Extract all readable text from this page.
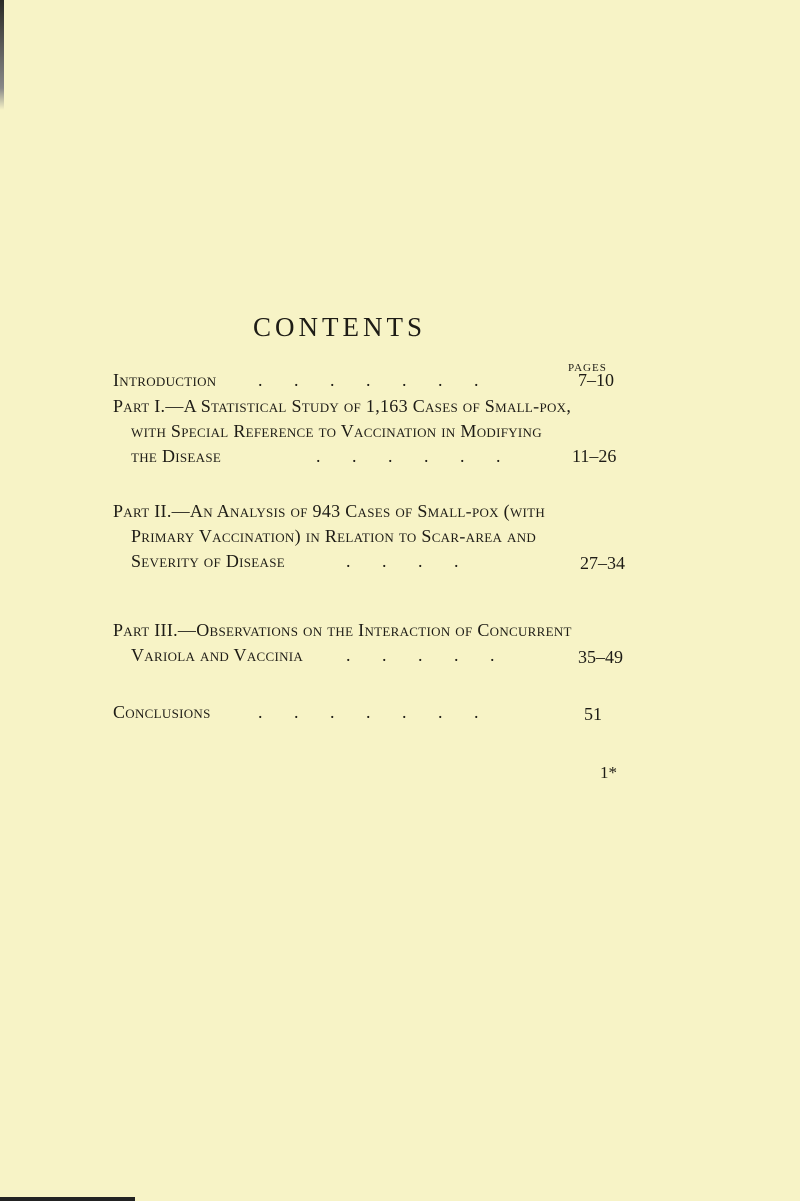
CONTENTS
PAGES
Introduction .       .       .       .       .       .       .	7–10
Part I.—A Statistical Study of 1,163 Cases of Small-pox,
with Special Reference to Vaccination in Modifying
the Disease	.       .       .       .       .       .	11–26
Part II.—An Analysis of 943 Cases of Small-pox (with
Primary Vaccination) in Relation to Scar-area and
Severity of Disease	.       .       .       .	27–34
Part III.—Observations on the Interaction of Concurrent
Variola and Vaccinia .       .       .       .       .	35–49
Conclusions	.       .       .       .       .       .       .	51
1*
